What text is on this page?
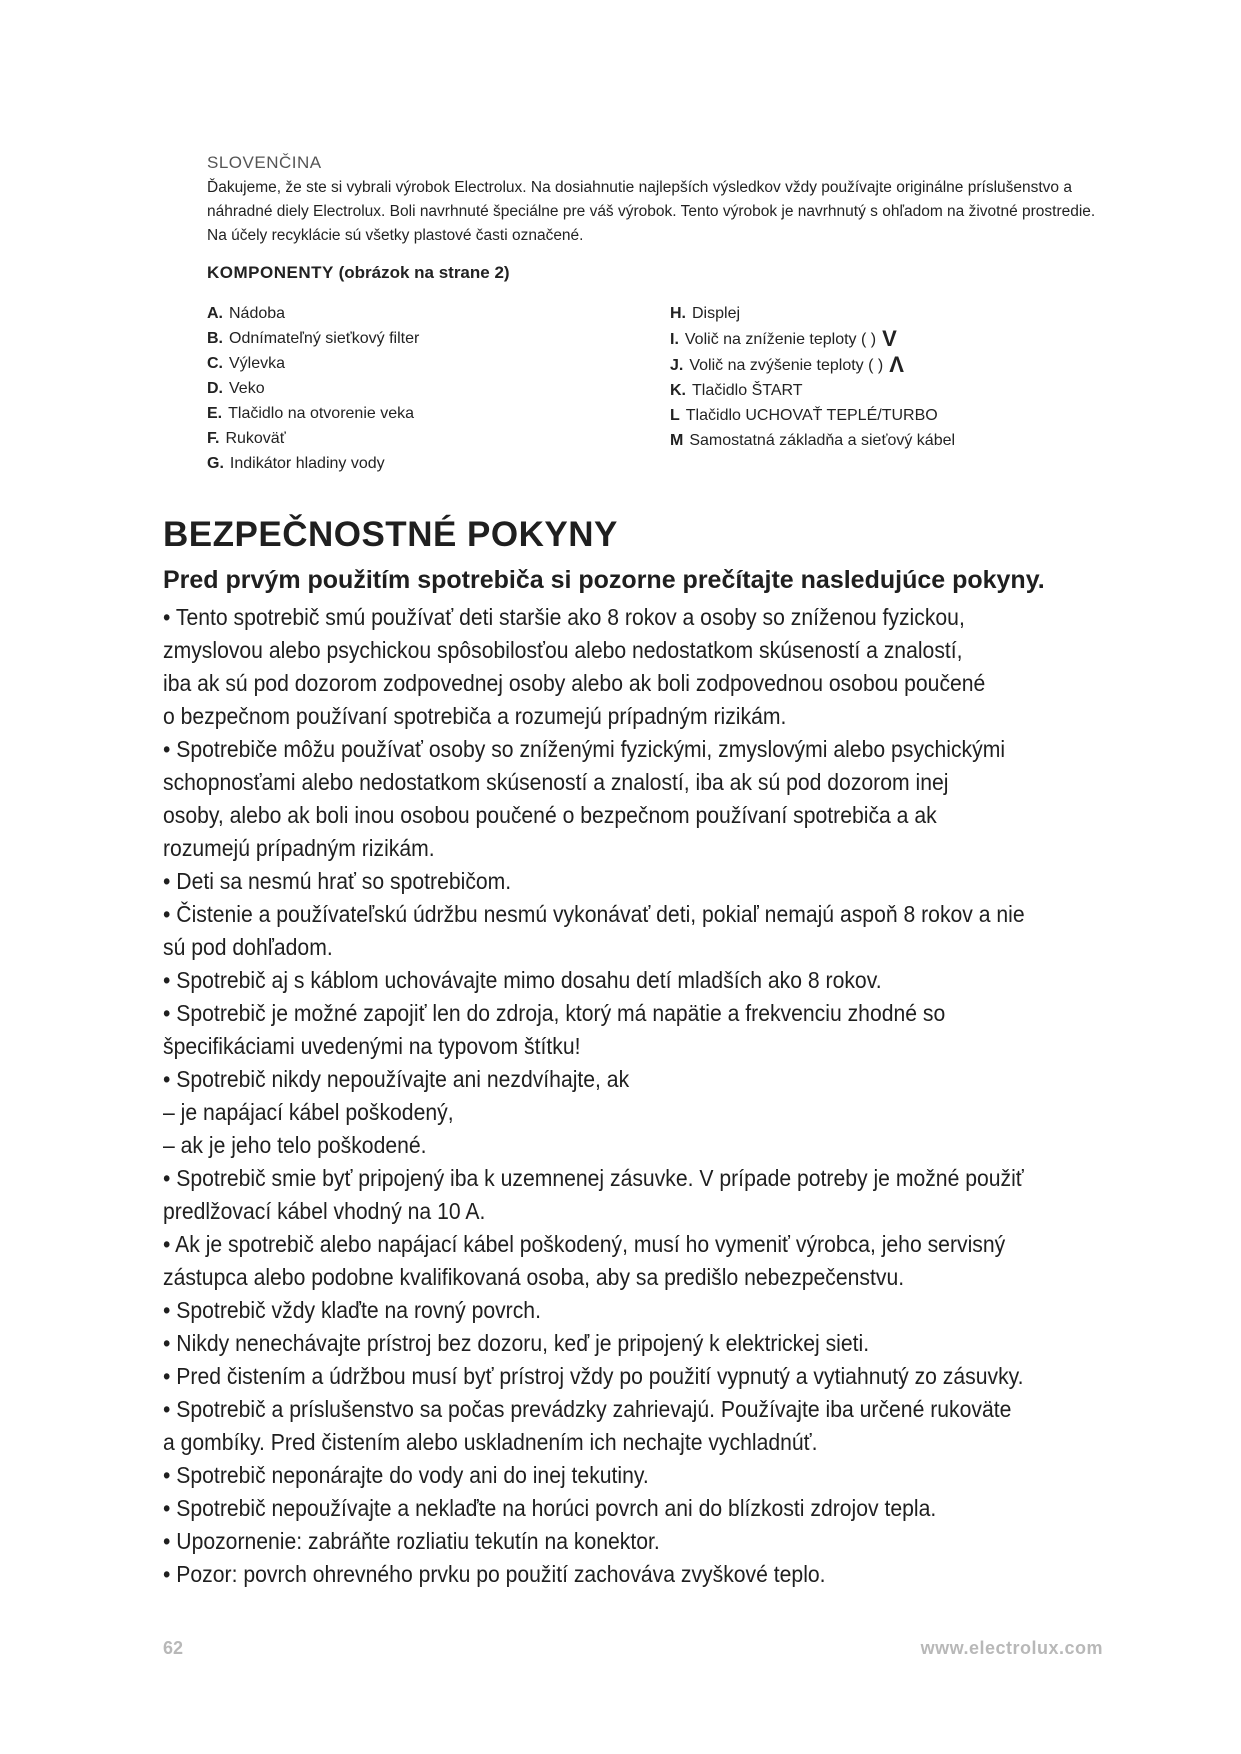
SLOVENČINA
Ďakujeme, že ste si vybrali výrobok Electrolux. Na dosiahnutie najlepších výsledkov vždy používajte originálne príslušenstvo a náhradné diely Electrolux. Boli navrhnuté špeciálne pre váš výrobok. Tento výrobok je navrhnutý s ohľadom na životné prostredie. Na účely recyklácie sú všetky plastové časti označené.
KOMPONENTY (obrázok na strane 2)
A. Nádoba
B. Odnímateľný sieťkový filter
C. Výlevka
D. Veko
E. Tlačidlo na otvorenie veka
F. Rukoväť
G. Indikátor hladiny vody
H. Displej
I. Volič na zníženie teploty ( ) V
J. Volič na zvýšenie teploty ( ) Λ
K. Tlačidlo ŠTART
L Tlačidlo UCHOVAŤ TEPLÉ/TURBO
M Samostatná základňa a sieťový kábel
BEZPEČNOSTNÉ POKYNY
Pred prvým použitím spotrebiča si pozorne prečítajte nasledujúce pokyny.
• Tento spotrebič smú používať deti staršie ako 8 rokov a osoby so zníženou fyzickou,
zmyslovou alebo psychickou spôsobilosťou alebo nedostatkom skúseností a znalostí,
iba ak sú pod dozorom zodpovednej osoby alebo ak boli zodpovednou osobou poučené
o bezpečnom používaní spotrebiča a rozumejú prípadným rizikám.
• Spotrebiče môžu používať osoby so zníženými fyzickými, zmyslovými alebo psychickými
schopnosťami alebo nedostatkom skúseností a znalostí, iba ak sú pod dozorom inej
osoby, alebo ak boli inou osobou poučené o bezpečnom používaní spotrebiča a ak
rozumejú prípadným rizikám.
• Deti sa nesmú hrať so spotrebičom.
• Čistenie a používateľskú údržbu nesmú vykonávať deti, pokiaľ nemajú aspoň 8 rokov a nie
sú pod dohľadom.
• Spotrebič aj s káblom uchovávajte mimo dosahu detí mladších ako 8 rokov.
• Spotrebič je možné zapojiť len do zdroja, ktorý má napätie a frekvenciu zhodné so
špecifikáciami uvedenými na typovom štítku!
• Spotrebič nikdy nepoužívajte ani nezdvíhajte, ak
– je napájací kábel poškodený,
– ak je jeho telo poškodené.
• Spotrebič smie byť pripojený iba k uzemnenej zásuvke. V prípade potreby je možné použiť
predlžovací kábel vhodný na 10 A.
• Ak je spotrebič alebo napájací kábel poškodený, musí ho vymeniť výrobca, jeho servisný
zástupca alebo podobne kvalifikovaná osoba, aby sa predišlo nebezpečenstvu.
• Spotrebič vždy klaďte na rovný povrch.
• Nikdy nenechávajte prístroj bez dozoru, keď je pripojený k elektrickej sieti.
• Pred čistením a údržbou musí byť prístroj vždy po použití vypnutý a vytiahnutý zo zásuvky.
• Spotrebič a príslušenstvo sa počas prevádzky zahrievajú. Používajte iba určené rukoväte
a gombíky. Pred čistením alebo uskladnením ich nechajte vychladnúť.
• Spotrebič neponárajte do vody ani do inej tekutiny.
• Spotrebič nepoužívajte a neklaďte na horúci povrch ani do blízkosti zdrojov tepla.
• Upozornenie: zabráňte rozliatiu tekutín na konektor.
• Pozor: povrch ohrevného prvku po použití zachováva zvyškové teplo.
62	www.electrolux.com
